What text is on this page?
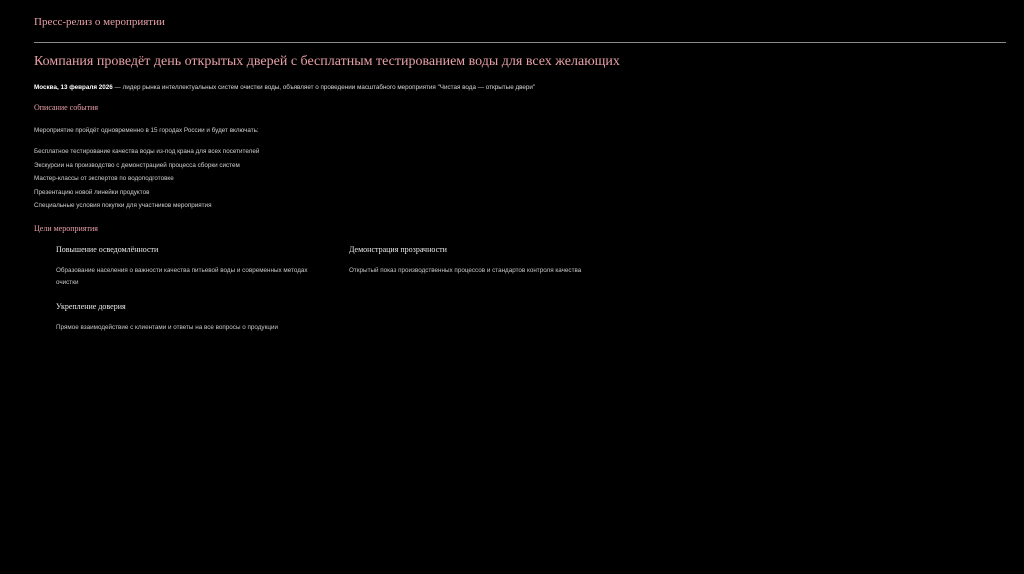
Пресс-релиз о мероприятии
Компания проведёт день открытых дверей с бесплатным тестированием воды для всех желающих

Москва, 13 февраля 2026 — лидер рынка интеллектуальных систем очистки воды, объявляет о проведении масштабного мероприятия "Чистая вода — открытые двери"

Описание события

Мероприятие пройдёт одновременно в 15 городах России и будет включать:

Бесплатное тестирование качества воды из-под крана для всех посетителей
Экскурсии на производство с демонстрацией процесса сборки систем
Мастер-классы от экспертов по водоподготовке
Презентацию новой линейки продуктов
Специальные условия покупки для участников мероприятия
Цели мероприятия
Повышение осведомлённости
Образование населения о важности качества питьевой воды и современных методах очистки
Демонстрация прозрачности
Открытый показ производственных процессов и стандартов контроля качества
Укрепление доверия
Прямое взаимодействие с клиентами и ответы на все вопросы о продукции
